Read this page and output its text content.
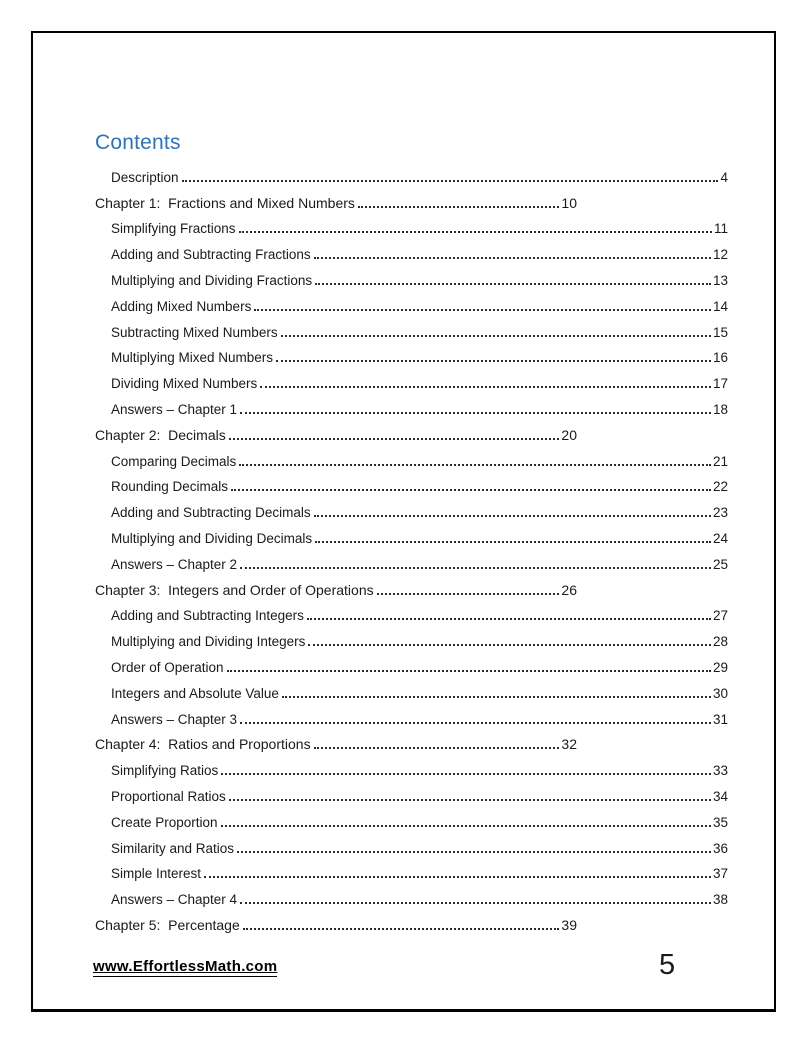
Contents
Description	4
Chapter 1:  Fractions and Mixed Numbers	10
Simplifying Fractions	11
Adding and Subtracting Fractions	12
Multiplying and Dividing Fractions	13
Adding Mixed Numbers	14
Subtracting Mixed Numbers	15
Multiplying Mixed Numbers	16
Dividing Mixed Numbers	17
Answers – Chapter 1	18
Chapter 2:  Decimals	20
Comparing Decimals	21
Rounding Decimals	22
Adding and Subtracting Decimals	23
Multiplying and Dividing Decimals	24
Answers – Chapter 2	25
Chapter 3:  Integers and Order of Operations	26
Adding and Subtracting Integers	27
Multiplying and Dividing Integers	28
Order of Operation	29
Integers and Absolute Value	30
Answers – Chapter 3	31
Chapter 4:  Ratios and Proportions	32
Simplifying Ratios	33
Proportional Ratios	34
Create Proportion	35
Similarity and Ratios	36
Simple Interest	37
Answers – Chapter 4	38
Chapter 5:  Percentage	39
www.EffortlessMath.com	5
